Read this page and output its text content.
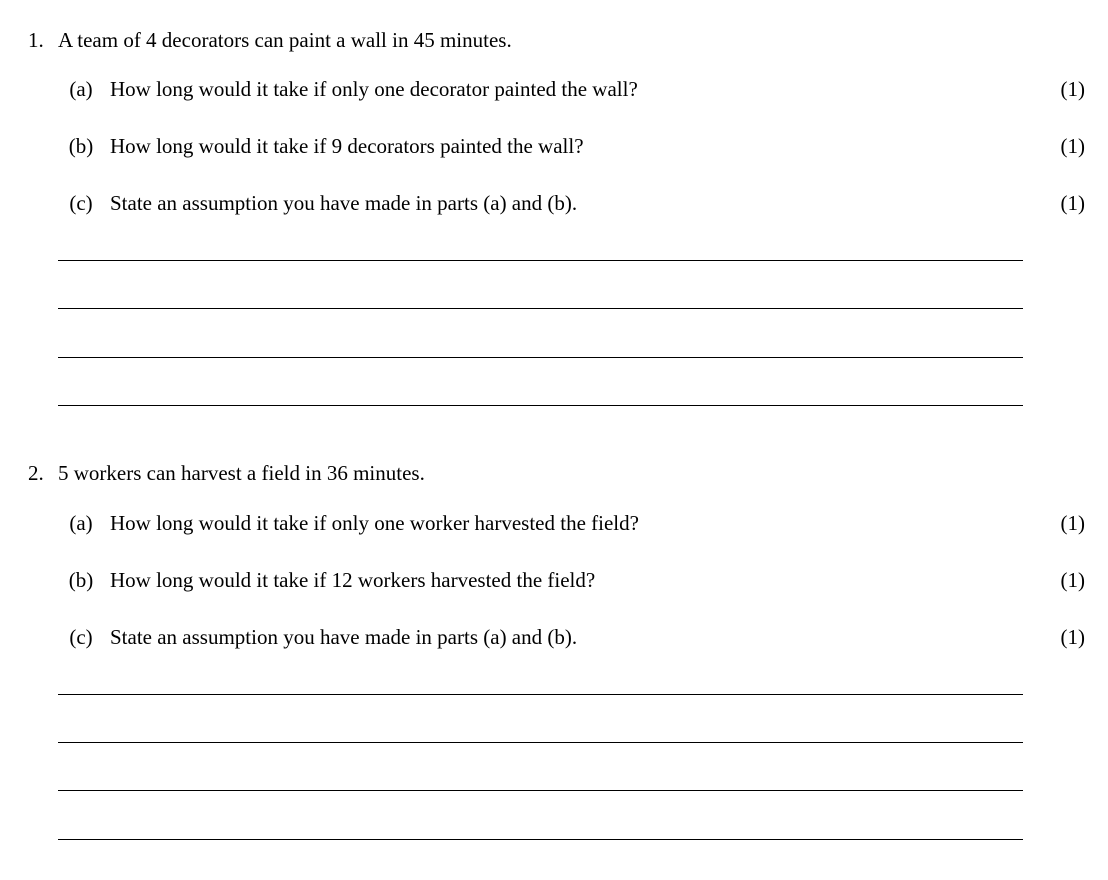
1. A team of 4 decorators can paint a wall in 45 minutes.
(a) How long would it take if only one decorator painted the wall?	(1)
(b) How long would it take if 9 decorators painted the wall?	(1)
(c) State an assumption you have made in parts (a) and (b).	(1)
2. 5 workers can harvest a field in 36 minutes.
(a) How long would it take if only one worker harvested the field?	(1)
(b) How long would it take if 12 workers harvested the field?	(1)
(c) State an assumption you have made in parts (a) and (b).	(1)
